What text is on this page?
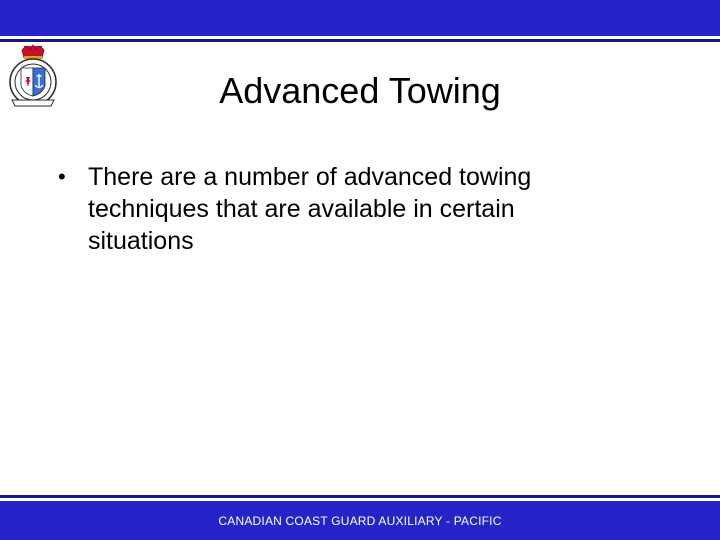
Advanced Towing
• There are a number of advanced towing techniques that are available in certain situations
CANADIAN COAST GUARD AUXILIARY - PACIFIC
